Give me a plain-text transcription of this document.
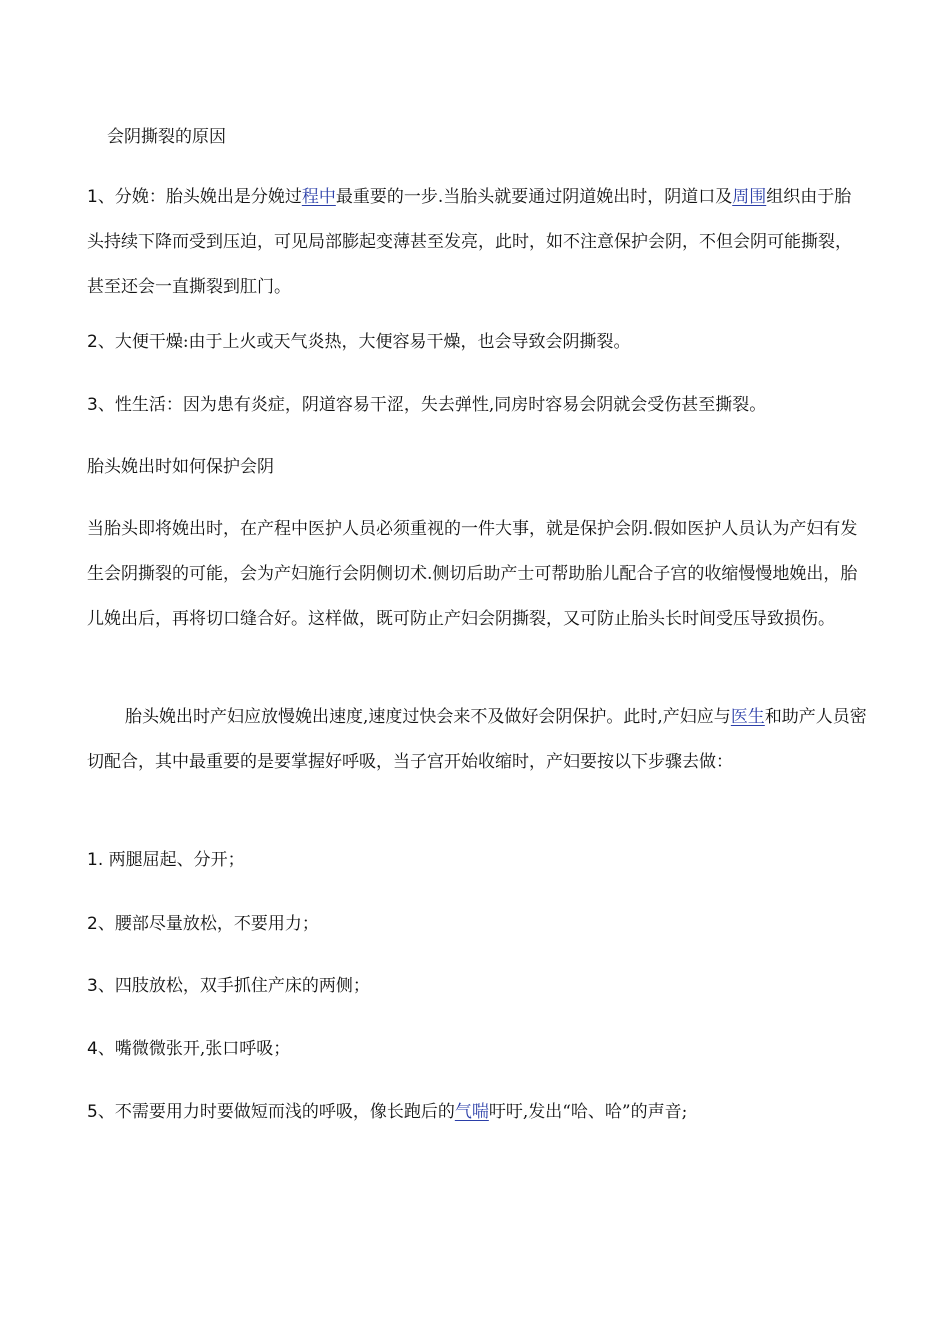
会阴撕裂的原因
1、分娩：胎头娩出是分娩过程中最重要的一步.当胎头就要通过阴道娩出时，阴道口及周围组织由于胎头持续下降而受到压迫，可见局部膨起变薄甚至发亮，此时，如不注意保护会阴，不但会阴可能撕裂，甚至还会一直撕裂到肛门。
2、大便干燥:由于上火或天气炎热，大便容易干燥，也会导致会阴撕裂。
3、性生活：因为患有炎症，阴道容易干涩，失去弹性,同房时容易会阴就会受伤甚至撕裂。
胎头娩出时如何保护会阴
当胎头即将娩出时，在产程中医护人员必须重视的一件大事，就是保护会阴.假如医护人员认为产妇有发生会阴撕裂的可能，会为产妇施行会阴侧切术.侧切后助产士可帮助胎儿配合子宫的收缩慢慢地娩出，胎儿娩出后，再将切口缝合好。这样做，既可防止产妇会阴撕裂，又可防止胎头长时间受压导致损伤。
胎头娩出时产妇应放慢娩出速度,速度过快会来不及做好会阴保护。此时,产妇应与医生和助产人员密切配合，其中最重要的是要掌握好呼吸，当子宫开始收缩时，产妇要按以下步骤去做：
1. 两腿屈起、分开；
2、腰部尽量放松，不要用力；
3、四肢放松，双手抓住产床的两侧；
4、嘴微微张开,张口呼吸；
5、不需要用力时要做短而浅的呼吸，像长跑后的气喘吁吁,发出“哈、哈”的声音;
